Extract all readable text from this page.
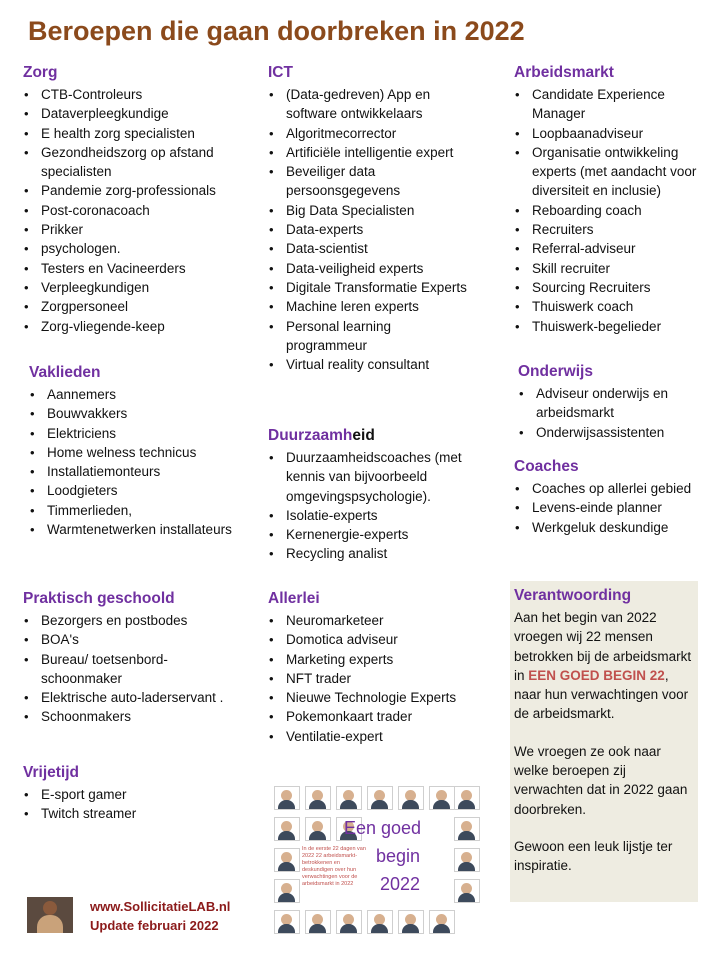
Beroepen die gaan doorbreken in 2022
Zorg
• CTB-Controleurs
• Dataverpleegkundige
• E health zorg specialisten
• Gezondheidszorg op afstand specialisten
• Pandemie zorg-professionals
• Post-coronacoach
• Prikker
• psychologen.
• Testers en Vacineerders
• Verpleegkundigen
• Zorgpersoneel
• Zorg-vliegende-keep
Vaklieden
• Aannemers
• Bouwvakkers
• Elektriciens
• Home welness technicus
• Installatiemonteurs
• Loodgieters
• Timmerlieden,
• Warmtenetwerken installateurs
Praktisch geschoold
• Bezorgers en postbodes
• BOA's
• Bureau/ toetsenbord-schoonmaker
• Elektrische auto-laderservant .
• Schoonmakers
Vrijetijd
• E-sport gamer
• Twitch streamer
ICT
• (Data-gedreven) App en software ontwikkelaars
• Algoritmecorrector
• Artificiële intelligentie expert
• Beveiliger data persoonsgegevens
• Big Data Specialisten
• Data-experts
• Data-scientist
• Data-veiligheid experts
• Digitale Transformatie Experts
• Machine leren experts
• Personal learning programmeur
• Virtual reality consultant
Duurzaamheid
• Duurzaamheidscoaches (met kennis van bijvoorbeeld omgevingspsychologie).
• Isolatie-experts
• Kernenergie-experts
• Recycling analist
Allerlei
• Neuromarketeer
• Domotica adviseur
• Marketing experts
• NFT trader
• Nieuwe Technologie Experts
• Pokemonkaart trader
• Ventilatie-expert
Arbeidsmarkt
• Candidate Experience Manager
• Loopbaanadviseur
• Organisatie ontwikkeling experts (met aandacht voor diversiteit en inclusie)
• Reboarding coach
• Recruiters
• Referral-adviseur
• Skill recruiter
• Sourcing Recruiters
• Thuiswerk coach
• Thuiswerk-begeliеder
Onderwijs
• Adviseur onderwijs en arbeidsmarkt
• Onderwijsassistenten
Coaches
• Coaches op allerlei gebied
• Levens-einde planner
• Werkgeluk deskundige
Verantwoording

Aan het begin van 2022 vroegen wij 22 mensen betrokken bij de arbeidsmarkt in EEN GOED BEGIN 22, naar hun verwachtingen voor de arbeidsmarkt.

We vroegen ze ook naar welke beroepen zij verwachten dat in 2022 gaan doorbreken.

Gewoon een leuk lijstje ter inspiratie.

Een goed
begin
2022
In de eerste 22 dagen van 2022 22 arbeidsmarkt-betrokkenen en deskundigen over hun verwachtingen voor de arbeidsmarkt in 2022
www.SollicitatieLAB.nl
Update februari 2022
